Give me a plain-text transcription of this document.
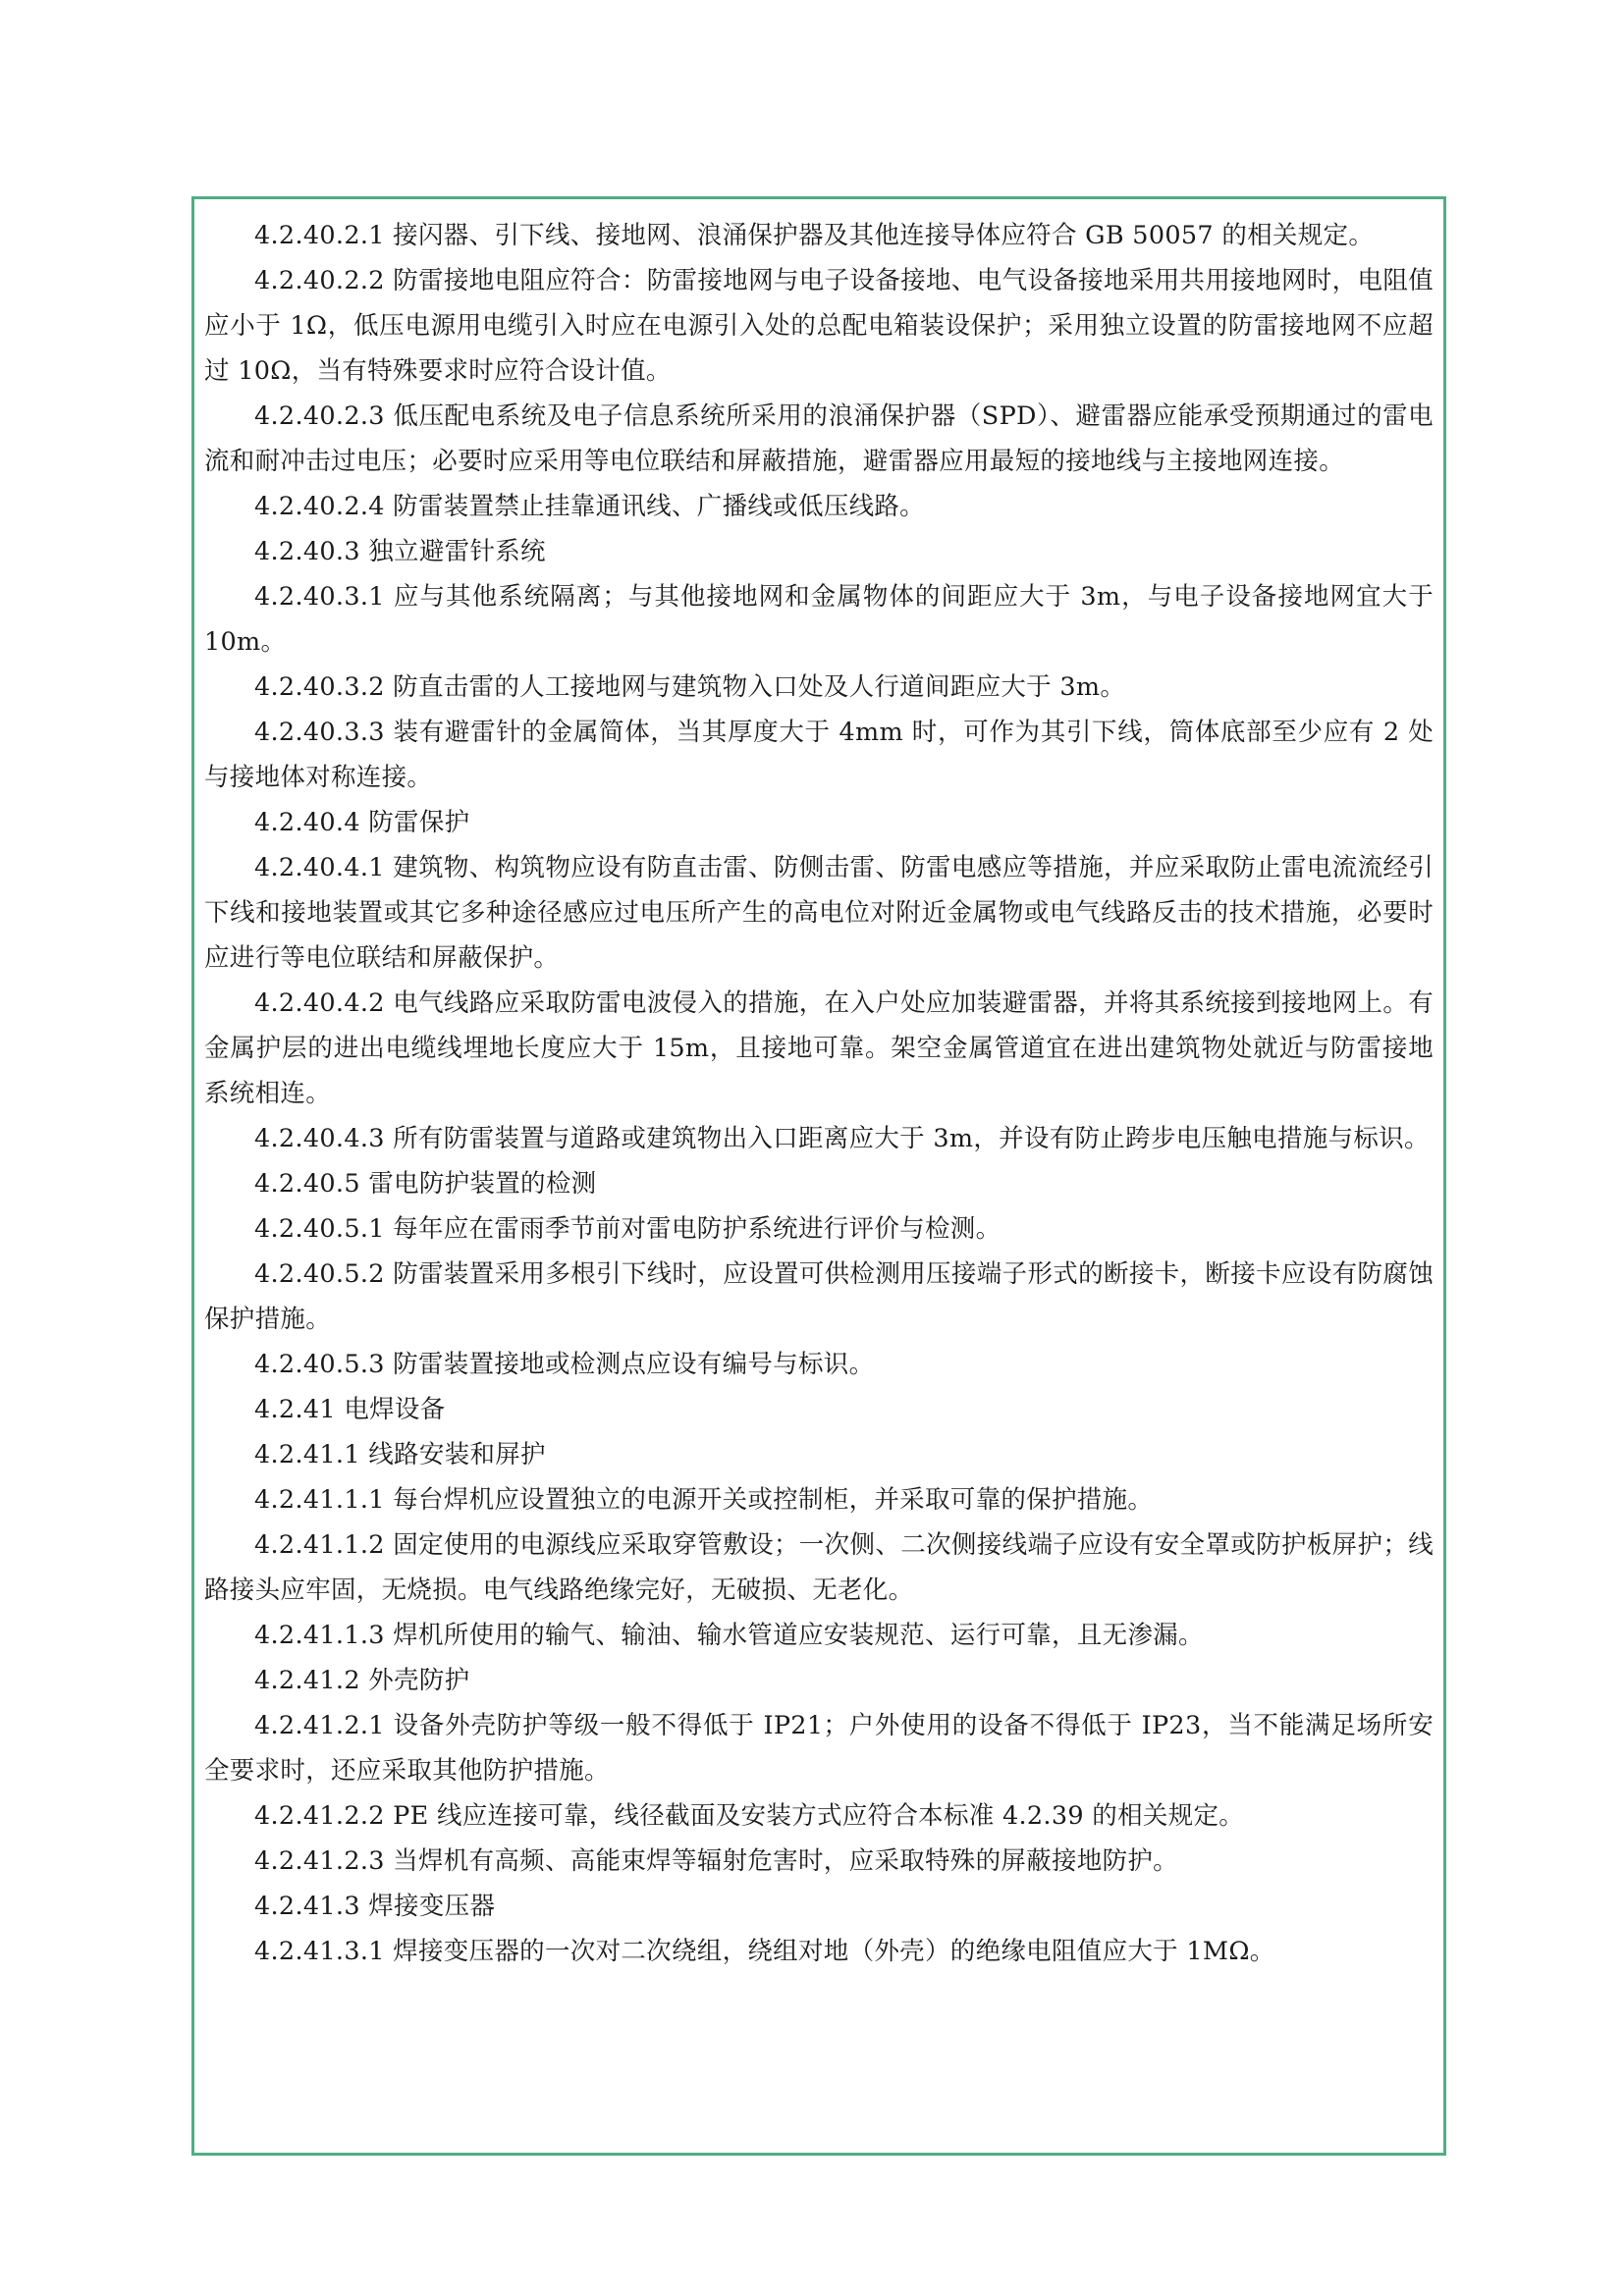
4.2.40.2.1 接闪器、引下线、接地网、浪涌保护器及其他连接导体应符合 GB 50057 的相关规定。

4.2.40.2.2 防雷接地电阻应符合：防雷接地网与电子设备接地、电气设备接地采用共用接地网时，电阻值应小于 1Ω，低压电源用电缆引入时应在电源引入处的总配电箱装设保护；采用独立设置的防雷接地网不应超过 10Ω，当有特殊要求时应符合设计值。

4.2.40.2.3 低压配电系统及电子信息系统所采用的浪涌保护器（SPD）、避雷器应能承受预期通过的雷电流和耐冲击过电压；必要时应采用等电位联结和屏蔽措施，避雷器应用最短的接地线与主接地网连接。

4.2.40.2.4 防雷装置禁止挂靠通讯线、广播线或低压线路。

4.2.40.3 独立避雷针系统

4.2.40.3.1 应与其他系统隔离；与其他接地网和金属物体的间距应大于 3m，与电子设备接地网宜大于 10m。

4.2.40.3.2 防直击雷的人工接地网与建筑物入口处及人行道间距应大于 3m。

4.2.40.3.3 装有避雷针的金属简体，当其厚度大于 4mm 时，可作为其引下线，筒体底部至少应有 2 处与接地体对称连接。

4.2.40.4 防雷保护

4.2.40.4.1 建筑物、构筑物应设有防直击雷、防侧击雷、防雷电感应等措施，并应采取防止雷电流流经引下线和接地装置或其它多种途径感应过电压所产生的高电位对附近金属物或电气线路反击的技术措施，必要时应进行等电位联结和屏蔽保护。

4.2.40.4.2 电气线路应采取防雷电波侵入的措施，在入户处应加装避雷器，并将其系统接到接地网上。有金属护层的进出电缆线埋地长度应大于 15m，且接地可靠。架空金属管道宜在进出建筑物处就近与防雷接地系统相连。

4.2.40.4.3 所有防雷装置与道路或建筑物出入口距离应大于 3m，并设有防止跨步电压触电措施与标识。

4.2.40.5 雷电防护装置的检测

4.2.40.5.1 每年应在雷雨季节前对雷电防护系统进行评价与检测。

4.2.40.5.2 防雷装置采用多根引下线时，应设置可供检测用压接端子形式的断接卡，断接卡应设有防腐蚀保护措施。

4.2.40.5.3 防雷装置接地或检测点应设有编号与标识。

4.2.41 电焊设备

4.2.41.1 线路安装和屏护

4.2.41.1.1 每台焊机应设置独立的电源开关或控制柜，并采取可靠的保护措施。

4.2.41.1.2 固定使用的电源线应采取穿管敷设；一次侧、二次侧接线端子应设有安全罩或防护板屏护；线路接头应牢固，无烧损。电气线路绝缘完好，无破损、无老化。

4.2.41.1.3 焊机所使用的输气、输油、输水管道应安装规范、运行可靠，且无渗漏。

4.2.41.2 外壳防护

4.2.41.2.1 设备外壳防护等级一般不得低于 IP21；户外使用的设备不得低于 IP23，当不能满足场所安全要求时，还应采取其他防护措施。

4.2.41.2.2 PE 线应连接可靠，线径截面及安装方式应符合本标准 4.2.39 的相关规定。

4.2.41.2.3 当焊机有高频、高能束焊等辐射危害时，应采取特殊的屏蔽接地防护。

4.2.41.3 焊接变压器

4.2.41.3.1 焊接变压器的一次对二次绕组，绕组对地（外壳）的绝缘电阻值应大于 1MΩ。
